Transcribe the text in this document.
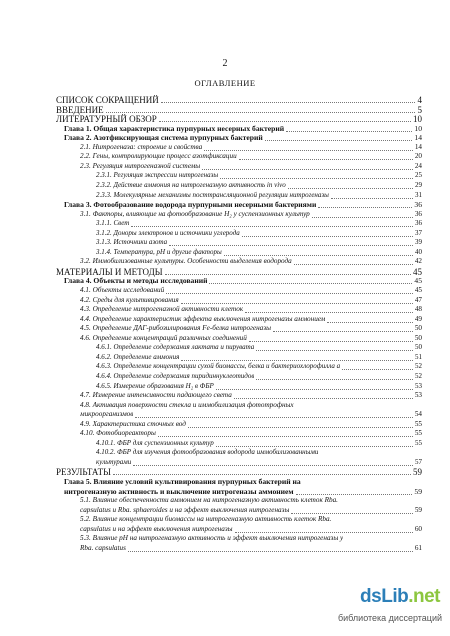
2
ОГЛАВЛЕНИЕ
СПИСОК СОКРАЩЕНИЙ	4
ВВЕДЕНИЕ	5
ЛИТЕРАТУРНЫЙ ОБЗОР	10
Глава 1. Общая характеристика пурпурных несерных бактерий	10
Глава 2. Азотфиксирующая система пурпурных бактерий	14
2.1. Нитрогеназа: строение и свойства	14
2.2. Гены, контролирующие процесс азотфиксации	20
2.3. Регуляция нитрогеназной системы	24
2.3.1. Регуляция экспрессии нитрогеназы	25
2.3.2. Действие аммония на нитрогеназную активность in vivo	29
2.3.3. Молекулярные механизмы посттрансляционной регуляции нитрогеназы	31
Глава 3. Фотообразование водорода пурпурными несерными бактериями	36
3.1. Факторы, влияющие на фотообразование H₂ у суспензионных культур	36
3.1.1. Свет	36
3.1.2. Доноры электронов и источники углерода	37
3.1.3. Источники азота	39
3.1.4. Температура, pH и другие факторы	40
3.2. Иммобилизованные культуры. Особенности выделения водорода	42
МАТЕРИАЛЫ И МЕТОДЫ	45
Глава 4. Объекты и методы исследований	45
4.1. Объекты исследований	45
4.2. Среды для культивирования	47
4.3. Определение нитрогеназной активности клеток	48
4.4. Определение характеристик эффекта выключения нитрогеназы аммонием	49
4.5. Определение ДАГ-рибозилирования Fe-белка нитрогеназы	50
4.6. Определение концентраций различных соединений	50
4.6.1. Определение содержания лактата и пирувата	50
4.6.2. Определение аммония	51
4.6.3. Определение концентрации сухой биомассы, белка и бактериохлорофилла a	52
4.6.4. Определение содержания пиридиннуклеотидов	52
4.6.5. Измерение образования H₂ в ФБР	53
4.7. Измерение интенсивности падающего света	53
4.8. Активация поверхности стекла и иммобилизация фототрофных
микроорганизмов	54
4.9. Характеристика сточных вод	55
4.10. Фотобиореакторы	55
4.10.1. ФБР для суспензионных культур	55
4.10.2. ФБР для изучения фотообразования водорода иммобилизованными
культурами	57
РЕЗУЛЬТАТЫ	59
Глава 5. Влияние условий культивирования пурпурных бактерий на
нитрогеназную активность и выключение нитрогеназы аммонием	59
5.1. Влияние обеспеченности аммонием на нитрогеназную активность клеток Rba.
capsulatus и Rba. sphaeroides и на эффект выключения нитрогеназы	59
5.2. Влияние концентрации биомассы на нитрогеназную активность клеток Rba.
capsulatus и на эффект выключения нитрогеназы	60
5.3. Влияние pH на нитрогеназную активность и эффект выключения нитрогеназы у
Rba. capsulatus	61
dsLib.net
библиотека диссертаций
